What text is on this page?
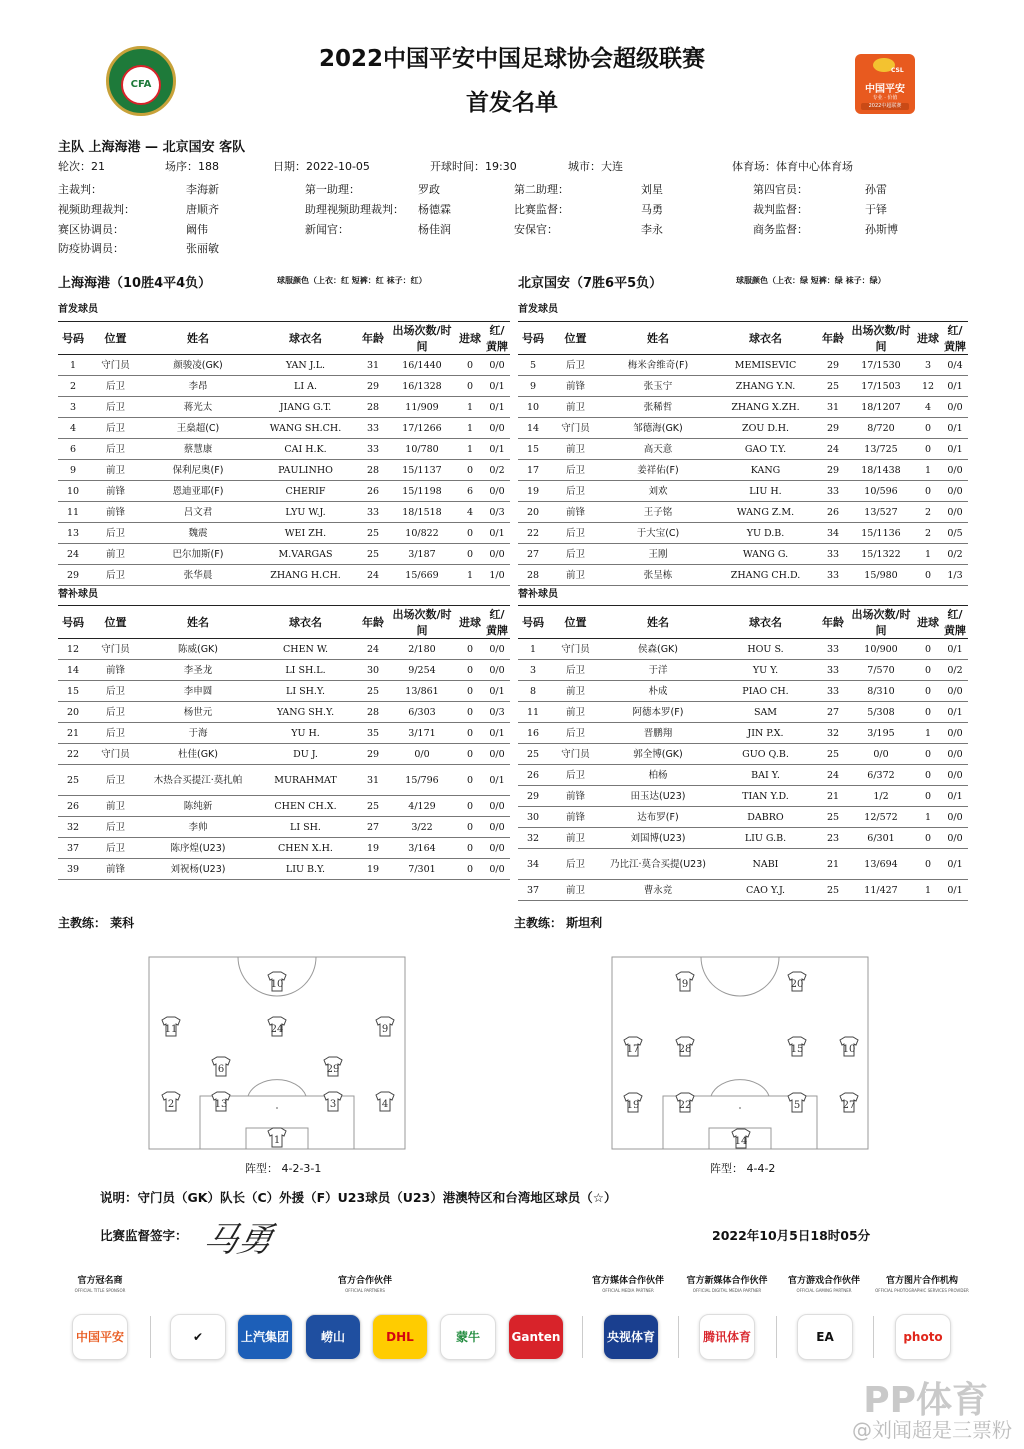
CFA
2022中国平安中国足球协会超级联赛
首发名单
CSL
中国平安
专业 · 价值
2022中超联赛
主队 上海海港 — 北京国安 客队
轮次：21	场序：188	日期：2022-10-05	开球时间：19:30	城市：大连	体育场：体育中心体育场
主裁判：	李海新	第一助理：	罗政	第二助理：	刘星	第四官员：	孙雷
视频助理裁判：	唐顺齐	助理视频助理裁判： 杨德霖	比赛监督：	马勇	裁判监督：	于铎
赛区协调员：	阚伟	新闻官：	杨佳润	安保官：	李永	商务监督：	孙斯博
防疫协调员：	张丽敏
上海海港（10胜4平4负）	球服颜色（上衣：红 短裤：红 袜子：红）
首发球员
号码	位置	姓名	球衣名	年龄	出场次数/时间	进球	红/黄牌
1	守门员	颜骏凌(GK)	YAN J.L.	31	16/1440	0	0/0
2	后卫	李昂	LI A.	29	16/1328	0	0/1
3	后卫	蒋光太	JIANG G.T.	28	11/909	1	0/1
4	后卫	王燊超(C)	WANG SH.CH.	33	17/1266	1	0/0
6	后卫	蔡慧康	CAI H.K.	33	10/780	1	0/1
9	前卫	保利尼奥(F)	PAULINHO	28	15/1137	0	0/2
10	前锋	恩迪亚耶(F)	CHERIF	26	15/1198	6	0/0
11	前锋	吕文君	LYU W.J.	33	18/1518	4	0/3
13	后卫	魏震	WEI ZH.	25	10/822	0	0/1
24	前卫	巴尔加斯(F)	M.VARGAS	25	3/187	0	0/0
29	后卫	张华晨	ZHANG H.CH.	24	15/669	1	1/0
替补球员
号码	位置	姓名	球衣名	年龄	出场次数/时间	进球	红/黄牌
12	守门员	陈威(GK)	CHEN W.	24	2/180	0	0/0
14	前锋	李圣龙	LI SH.L.	30	9/254	0	0/0
15	后卫	李申圆	LI SH.Y.	25	13/861	0	0/1
20	后卫	杨世元	YANG SH.Y.	28	6/303	0	0/3
21	后卫	于海	YU H.	35	3/171	0	0/1
22	守门员	杜佳(GK)	DU J.	29	0/0	0	0/0
25	后卫	木热合买提江·莫扎帕	MURAHMAT	31	15/796	0	0/1
26	前卫	陈纯新	CHEN CH.X.	25	4/129	0	0/0
32	后卫	李帅	LI SH.	27	3/22	0	0/0
37	后卫	陈序煌(U23)	CHEN X.H.	19	3/164	0	0/0
39	前锋	刘祝杨(U23)	LIU B.Y.	19	7/301	0	0/0
北京国安（7胜6平5负）	球服颜色（上衣：绿 短裤：绿 袜子：绿）
首发球员
号码	位置	姓名	球衣名	年龄	出场次数/时间	进球	红/黄牌
5	后卫	梅米舍维奇(F)	MEMISEVIC	29	17/1530	3	0/4
9	前锋	张玉宁	ZHANG Y.N.	25	17/1503	12	0/1
10	前卫	张稀哲	ZHANG X.ZH.	31	18/1207	4	0/0
14	守门员	邹德海(GK)	ZOU D.H.	29	8/720	0	0/1
15	前卫	高天意	GAO T.Y.	24	13/725	0	0/1
17	后卫	姜祥佑(F)	KANG	29	18/1438	1	0/0
19	后卫	刘欢	LIU H.	33	10/596	0	0/0
20	前锋	王子铭	WANG Z.M.	26	13/527	2	0/0
22	后卫	于大宝(C)	YU D.B.	34	15/1136	2	0/5
27	后卫	王刚	WANG G.	33	15/1322	1	0/2
28	前卫	张呈栋	ZHANG CH.D.	33	15/980	0	1/3
替补球员
号码	位置	姓名	球衣名	年龄	出场次数/时间	进球	红/黄牌
1	守门员	侯森(GK)	HOU S.	33	10/900	0	0/1
3	后卫	于洋	YU Y.	33	7/570	0	0/2
8	前卫	朴成	PIAO CH.	33	8/310	0	0/0
11	前卫	阿德本罗(F)	SAM	27	5/308	0	0/1
16	后卫	晋鹏翔	JIN P.X.	32	3/195	1	0/0
25	守门员	郭全博(GK)	GUO Q.B.	25	0/0	0	0/0
26	后卫	柏杨	BAI Y.	24	6/372	0	0/0
29	前锋	田玉达(U23)	TIAN Y.D.	21	1/2	0	0/1
30	前锋	达布罗(F)	DABRO	25	12/572	1	0/0
32	前卫	刘国博(U23)	LIU G.B.	23	6/301	0	0/0
34	后卫	乃比江·莫合买提(U23)	NABI	21	13/694	0	0/1
37	前卫	曹永竞	CAO Y.J.	25	11/427	1	0/1
主教练： 莱科	主教练： 斯坦利
10
11	24	9
6	29
2	13	3	4
1
9	20
17	28	15	10
19	22	5	27
14
阵型： 4-2-3-1	阵型： 4-4-2
说明：守门员（GK）队长（C）外援（F）U23球员（U23）港澳特区和台湾地区球员（☆）
比赛监督签字： 马勇	2022年10月5日18时05分
官方冠名商
OFFICIAL TITLE SPONSOR
官方合作伙伴
OFFICIAL PARTNERS
官方媒体合作伙伴
OFFICIAL MEDIA PARTNER
官方新媒体合作伙伴
OFFICIAL DIGITAL MEDIA PARTNER
官方游戏合作伙伴
OFFICIAL GAMING PARTNER
官方图片合作机构
OFFICIAL PHOTOGRAPHIC SERVICES PROVIDER
中国平安	✔	上汽集团	崂山	DHL	蒙牛	Ganten	央视体育	腾讯体育	EA	photo
PP体育
@刘闻超是三票粉
